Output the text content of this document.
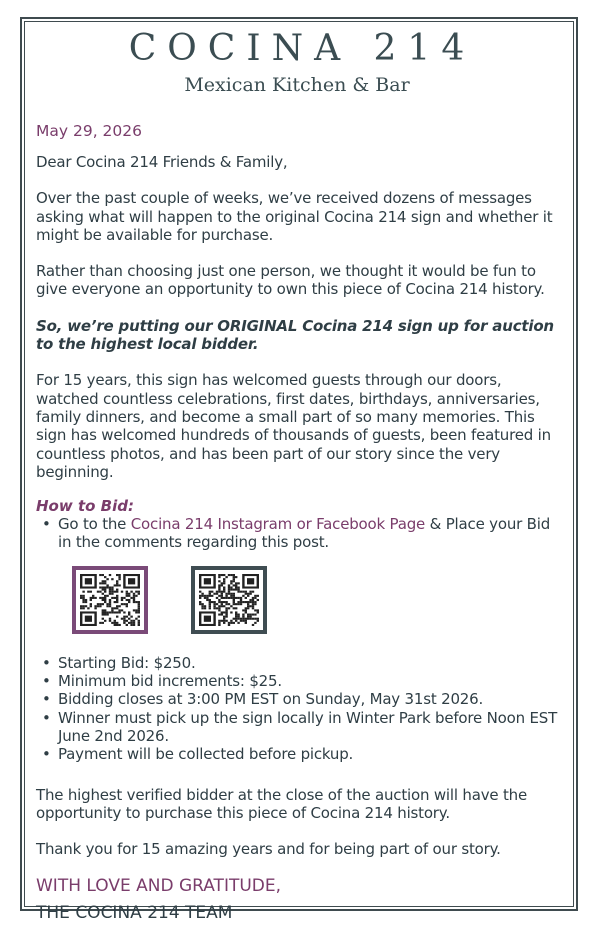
COCINA 214
Mexican Kitchen & Bar
May 29, 2026

Dear Cocina 214 Friends & Family,

Over the past couple of weeks, we’ve received dozens of messages asking what will happen to the original Cocina 214 sign and whether it might be available for purchase.

Rather than choosing just one person, we thought it would be fun to give everyone an opportunity to own this piece of Cocina 214 history.

So, we’re putting our ORIGINAL Cocina 214 sign up for auction to the highest local bidder.

For 15 years, this sign has welcomed guests through our doors, watched countless celebrations, first dates, birthdays, anniversaries, family dinners, and become a small part of so many memories. This sign has welcomed hundreds of thousands of guests, been featured in countless photos, and has been part of our story since the very beginning.

How to Bid:
• Go to the Cocina 214 Instagram or Facebook Page & Place your Bid in the comments regarding this post.
• Starting Bid: $250.
• Minimum bid increments: $25.
• Bidding closes at 3:00 PM EST on Sunday, May 31st 2026.
• Winner must pick up the sign locally in Winter Park before Noon EST June 2nd 2026.
• Payment will be collected before pickup.

The highest verified bidder at the close of the auction will have the opportunity to purchase this piece of Cocina 214 history.

Thank you for 15 amazing years and for being part of our story.

WITH LOVE AND GRATITUDE,
THE COCINA 214 TEAM
